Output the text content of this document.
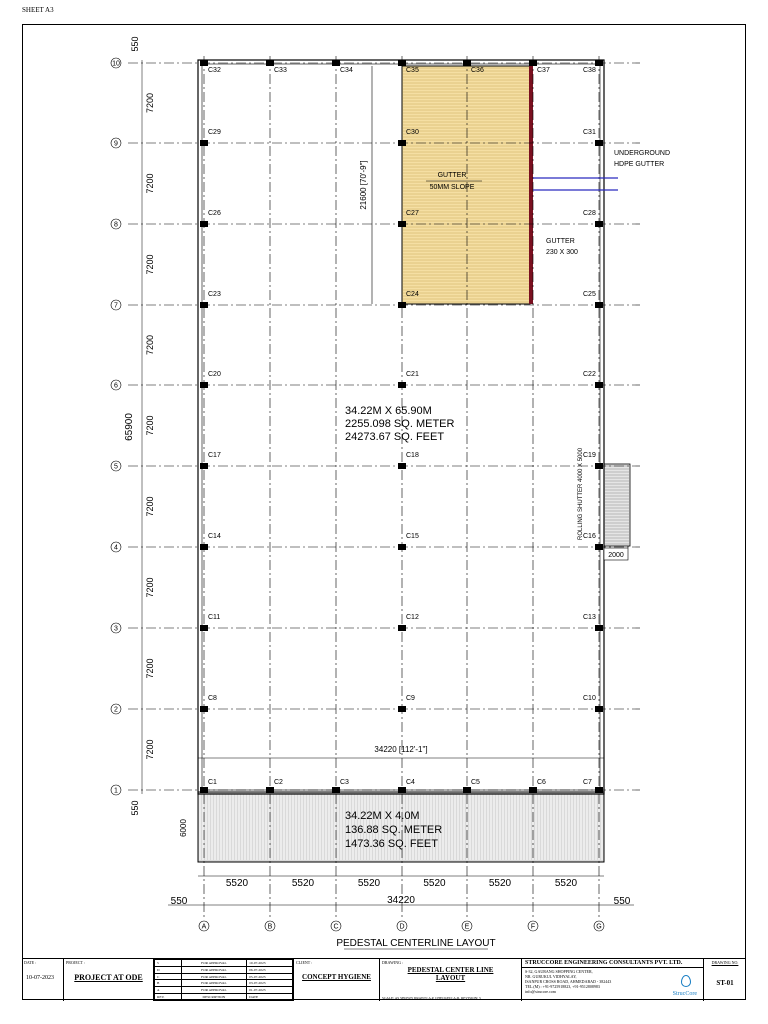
SHEET A3
7200
7200
7200
7200
7200
7200
7200
7200
7200
65900
550
550
6000
5520	5520	5520	5520	5520	5520
34220
550	550
34220 [112'-1"]
21600 [70'-9"]
2000
1
2
3
4
5
6
7
8
9
10
A	B	C	D	E	F	G
C1	C2	C3	C4	C5	C6	C7
C8	C9	C10
C11	C12	C13
C14	C15	C16
C17	C18	C19
C20	C21	C22
C23	C24	C25
C26	C27	C28
C29	C30	C31
C32	C33	C34	C35	C36	C37	C38
34.22M X 65.90M
2255.098 SQ. METER
24273.67 SQ. FEET
34.22M X 4.0M
136.88 SQ. METER
1473.36 SQ. FEET
GUTTER
50MM SLOPE
GUTTER
230 X 300
UNDERGROUND
HDPE GUTTER
ROLLING SHUTTER 4000 X 5000
PEDESTAL CENTERLINE LAYOUT
DATE :
10-07-2023
PROJECT :
PROJECT AT ODE
5	FOR APPROVAL	10-07-2023
D	FOR APPROVAL	06-07-2023
C	FOR APPROVAL	05-07-2023
B	FOR APPROVAL	03-07-2023
A	FOR APPROVAL	01-07-2023
REV.	DESCRIPTION	DATE
CLIENT :
CONCEPT HYGIENE
DRAWING :
PEDESTAL CENTER LINE
LAYOUT
SCALE: AS SHOWN DRAWN: A.P. CHECKED: A.D. REVISION: 5
STRUCCORE ENGINEERING CONSULTANTS PVT. LTD.
S-32, GAURANG SHOPPING CENTER,
NR. GURUKUL VIDHYALAY,
ISANPUR CROSS ROAD, AHMEDABAD - 382443
TEL.(M) : +91-9725918823, +91-9512808983
info@strucore.com	StrucCore
DRAWING NO.
ST-01
